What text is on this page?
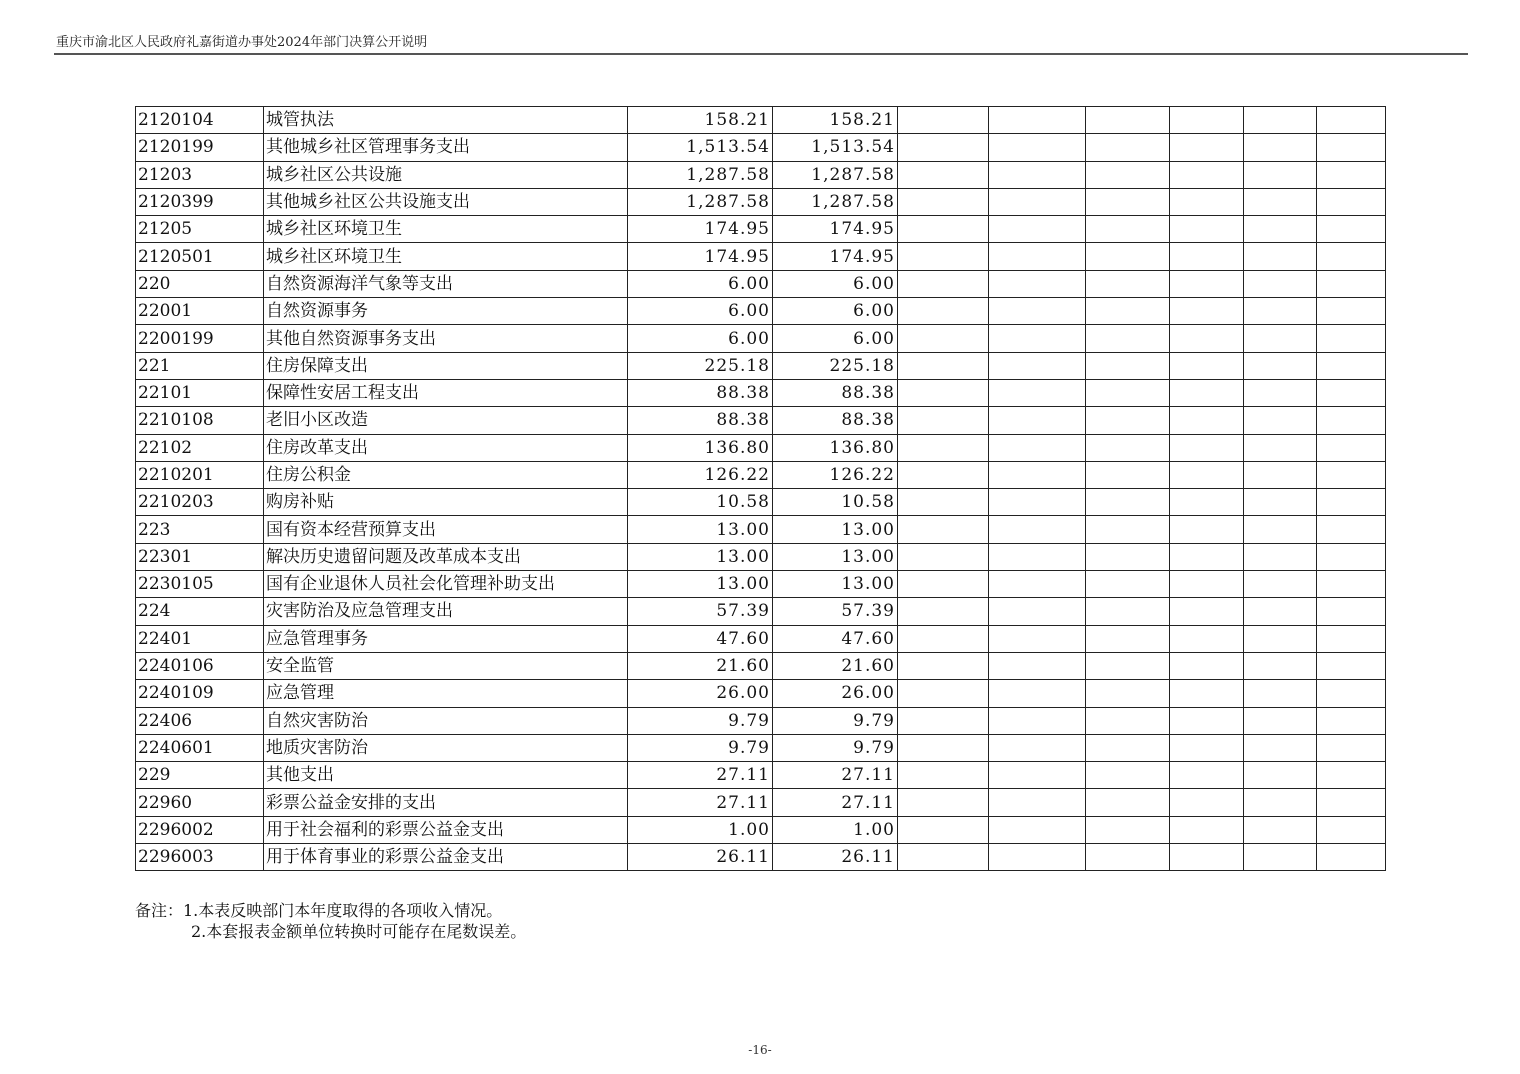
重庆市渝北区人民政府礼嘉街道办事处2024年部门决算公开说明
2120104	城管执法	158.21	158.21						
2120199	其他城乡社区管理事务支出	1,513.54	1,513.54						
21203	城乡社区公共设施	1,287.58	1,287.58						
2120399	其他城乡社区公共设施支出	1,287.58	1,287.58						
21205	城乡社区环境卫生	174.95	174.95						
2120501	城乡社区环境卫生	174.95	174.95						
220	自然资源海洋气象等支出	6.00	6.00						
22001	自然资源事务	6.00	6.00						
2200199	其他自然资源事务支出	6.00	6.00						
221	住房保障支出	225.18	225.18						
22101	保障性安居工程支出	88.38	88.38						
2210108	老旧小区改造	88.38	88.38						
22102	住房改革支出	136.80	136.80						
2210201	住房公积金	126.22	126.22						
2210203	购房补贴	10.58	10.58						
223	国有资本经营预算支出	13.00	13.00						
22301	解决历史遗留问题及改革成本支出	13.00	13.00						
2230105	国有企业退休人员社会化管理补助支出	13.00	13.00						
224	灾害防治及应急管理支出	57.39	57.39						
22401	应急管理事务	47.60	47.60						
2240106	安全监管	21.60	21.60						
2240109	应急管理	26.00	26.00						
22406	自然灾害防治	9.79	9.79						
2240601	地质灾害防治	9.79	9.79						
229	其他支出	27.11	27.11						
22960	彩票公益金安排的支出	27.11	27.11						
2296002	用于社会福利的彩票公益金支出	1.00	1.00						
2296003	用于体育事业的彩票公益金支出	26.11	26.11						
备注：1.本表反映部门本年度取得的各项收入情况。
2.本套报表金额单位转换时可能存在尾数误差。
-16-
